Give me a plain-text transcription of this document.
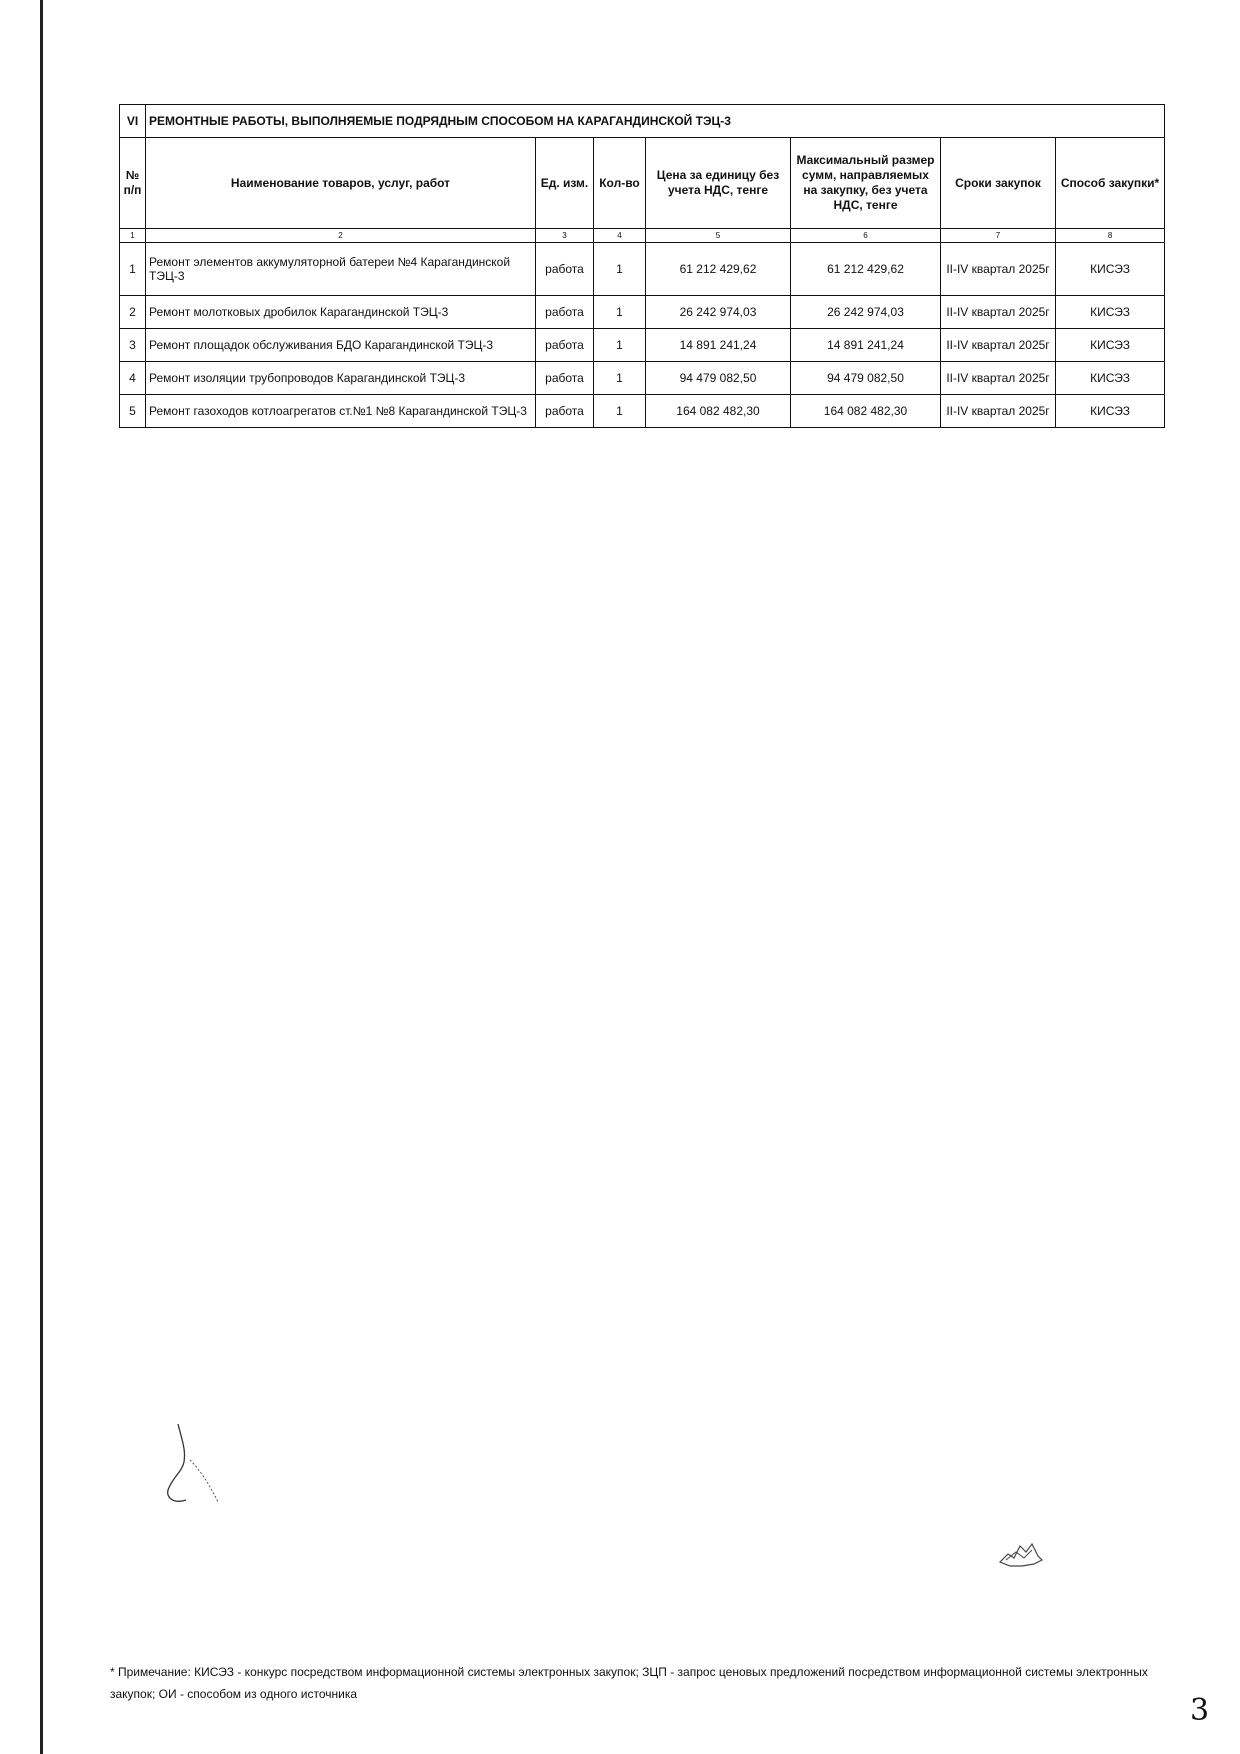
VI	РЕМОНТНЫЕ РАБОТЫ, ВЫПОЛНЯЕМЫЕ ПОДРЯДНЫМ СПОСОБОМ НА КАРАГАНДИНСКОЙ ТЭЦ-3						
№ п/п	Наименование товаров, услуг, работ	Ед. изм.	Кол-во	Цена за единицу без учета НДС, тенге	Максимальный размер сумм, направляемых на закупку, без учета НДС, тенге	Сроки закупок	Способ закупки*
1	2	3	4	5	6	7	8
1	Ремонт элементов аккумуляторной батереи №4 Карагандинской ТЭЦ-3	работа	1	61 212 429,62	61 212 429,62	II-IV квартал 2025г	КИСЭЗ
2	Ремонт молотковых дробилок Карагандинской ТЭЦ-3	работа	1	26 242 974,03	26 242 974,03	II-IV квартал 2025г	КИСЭЗ
3	Ремонт площадок обслуживания БДО Карагандинской ТЭЦ-3	работа	1	14 891 241,24	14 891 241,24	II-IV квартал 2025г	КИСЭЗ
4	Ремонт изоляции трубопроводов Карагандинской ТЭЦ-3	работа	1	94 479 082,50	94 479 082,50	II-IV квартал 2025г	КИСЭЗ
5	Ремонт газоходов котлоагрегатов ст.№1 №8 Карагандинской ТЭЦ-3	работа	1	164 082 482,30	164 082 482,30	II-IV квартал 2025г	КИСЭЗ
* Примечание: КИСЭЗ - конкурс посредством информационной системы электронных закупок; ЗЦП - запрос ценовых предложений посредством информационной системы электронных закупок; ОИ - способом из одного источника	3
